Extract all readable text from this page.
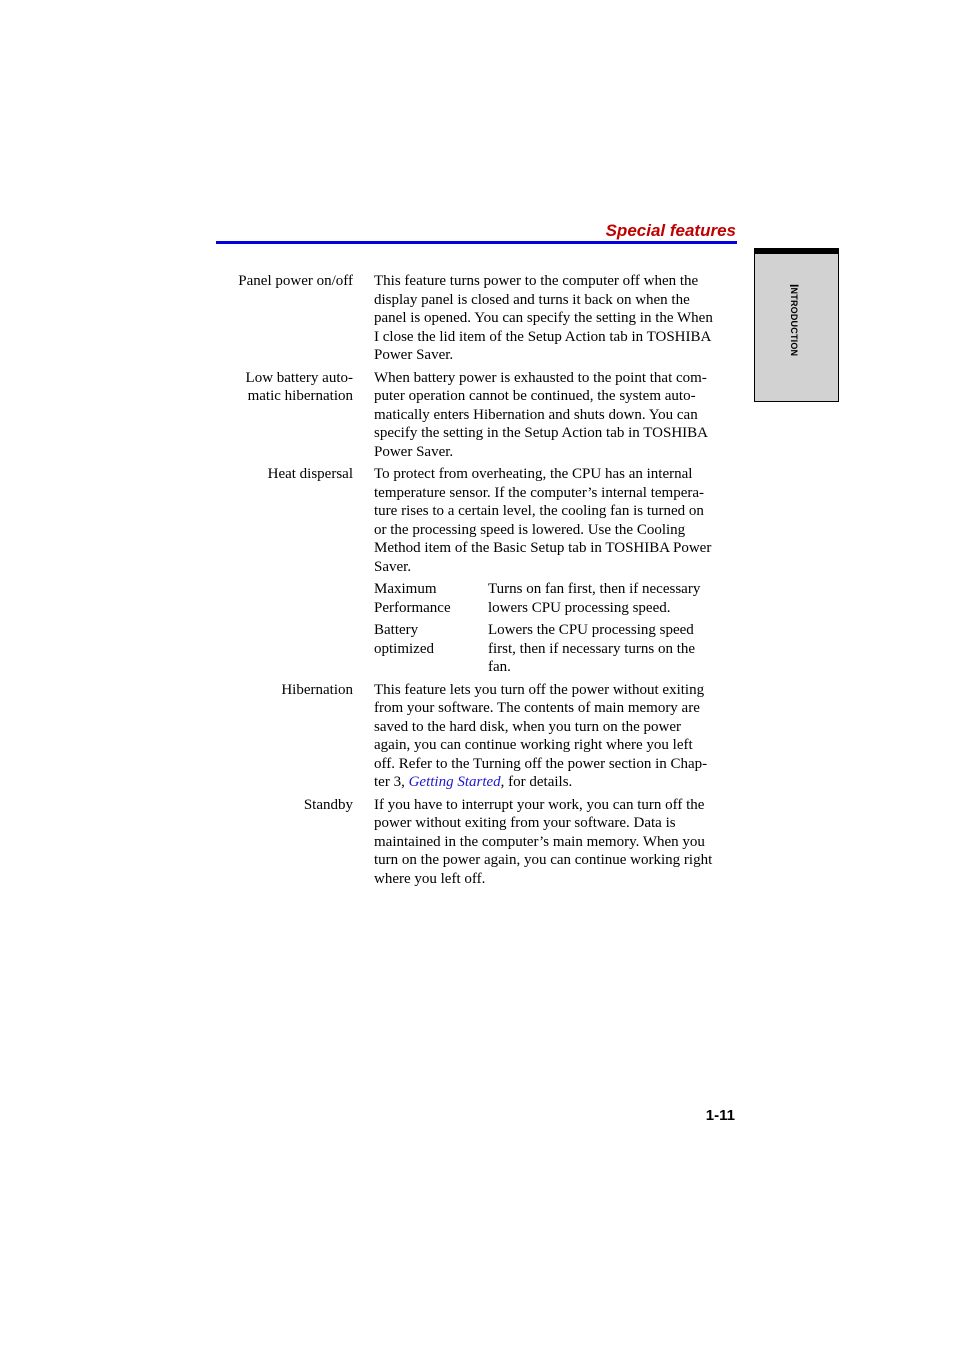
Special features
INTRODUCTION
Panel power on/off This feature turns power to the computer off when the
display panel is closed and turns it back on when the
panel is opened. You can specify the setting in the When
I close the lid item of the Setup Action tab in TOSHIBA
Power Saver.
Low battery auto-
matic hibernation
When battery power is exhausted to the point that com-
puter operation cannot be continued, the system auto-
matically enters Hibernation and shuts down. You can
specify the setting in the Setup Action tab in TOSHIBA
Power Saver.
Heat dispersal To protect from overheating, the CPU has an internal
temperature sensor. If the computer’s internal tempera-
ture rises to a certain level, the cooling fan is turned on
or the processing speed is lowered. Use the Cooling
Method item of the Basic Setup tab in TOSHIBA Power
Saver.
Maximum
Performance
Turns on fan first, then if necessary
lowers CPU processing speed.
Battery
optimized
Lowers the CPU processing speed
first, then if necessary turns on the
fan.
Hibernation This feature lets you turn off the power without exiting
from your software. The contents of main memory are
saved to the hard disk, when you turn on the power
again, you can continue working right where you left
off. Refer to the Turning off the power section in Chap-
ter 3, Getting Started, for details.
Standby If you have to interrupt your work, you can turn off the
power without exiting from your software. Data is
maintained in the computer’s main memory. When you
turn on the power again, you can continue working right
where you left off.
1-11
